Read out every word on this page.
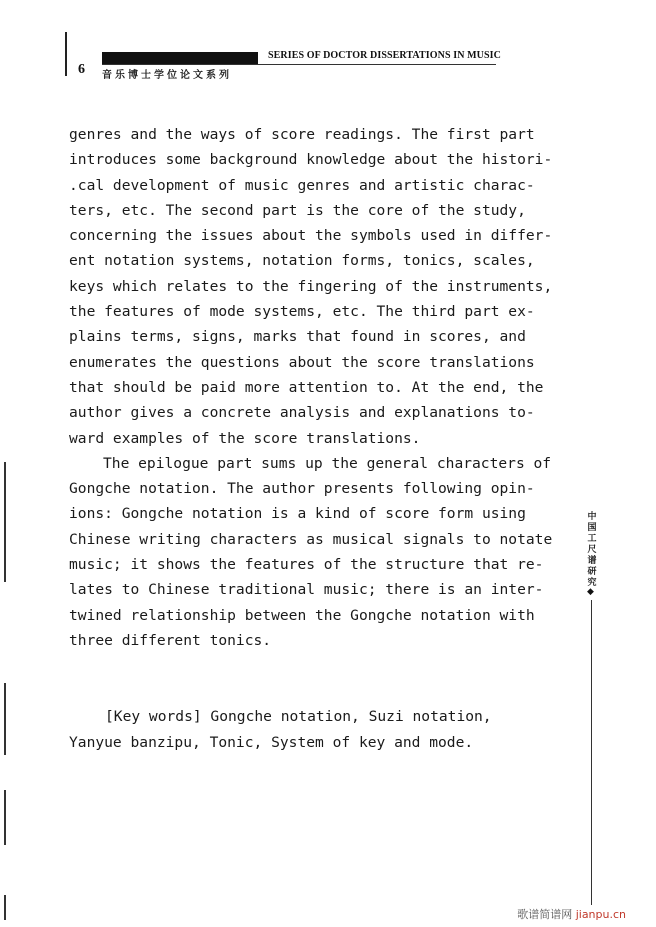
SERIES OF DOCTOR DISSERTATIONS IN MUSIC
6 音乐博士学位论文系列

genres and the ways of score readings. The first part
introduces some background knowledge about the histori-
.cal development of music genres and artistic charac-
ters, etc. The second part is the core of the study,
concerning the issues about the symbols used in differ-
ent notation systems, notation forms, tonics, scales,
keys which relates to the fingering of the instruments,
the features of mode systems, etc. The third part ex-
plains terms, signs, marks that found in scores, and
enumerates the questions about the score translations
that should be paid more attention to. At the end, the
author gives a concrete analysis and explanations to-
ward examples of the score translations.

The epilogue part sums up the general characters of
Gongche notation. The author presents following opin-
ions: Gongche notation is a kind of score form using
Chinese writing characters as musical signals to notate
music; it shows the features of the structure that re-
lates to Chinese traditional music; there is an inter-
twined relationship between the Gongche notation with
three different tonics.

[Key words] Gongche notation, Suzi notation,
Yanyue banzipu, Tonic, System of key and mode.
中国工尺谱研究
◆
歌谱简谱网 jianpu.cn
